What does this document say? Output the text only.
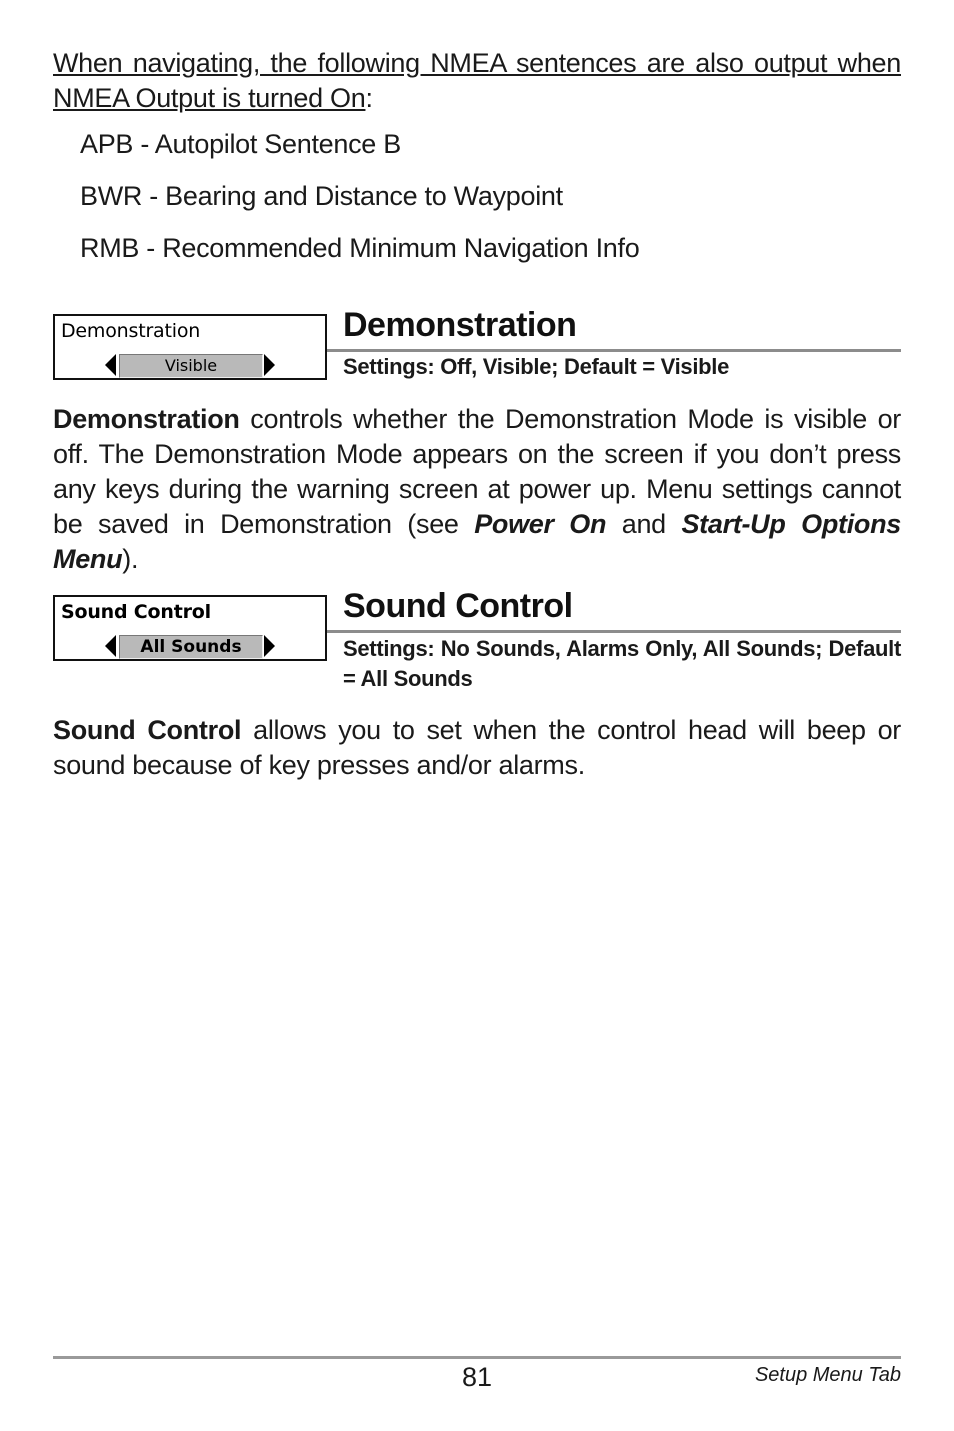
When navigating, the following NMEA sentences are also output when NMEA Output is turned On:
APB - Autopilot Sentence B
BWR - Bearing and Distance to Waypoint
RMB - Recommended Minimum Navigation Info
Demonstration
Visible
Demonstration
Settings: Off, Visible; Default = Visible
Demonstration controls whether the Demonstration Mode is visible or off. The Demonstration Mode appears on the screen if you don’t press any keys during the warning screen at power up. Menu settings cannot be saved in Demonstration (see Power On and Start-Up Options Menu).
Sound Control
All Sounds
Sound Control
Settings: No Sounds, Alarms Only, All Sounds; Default = All Sounds
Sound Control allows you to set when the control head will beep or sound because of key presses and/or alarms.
81	Setup Menu Tab
